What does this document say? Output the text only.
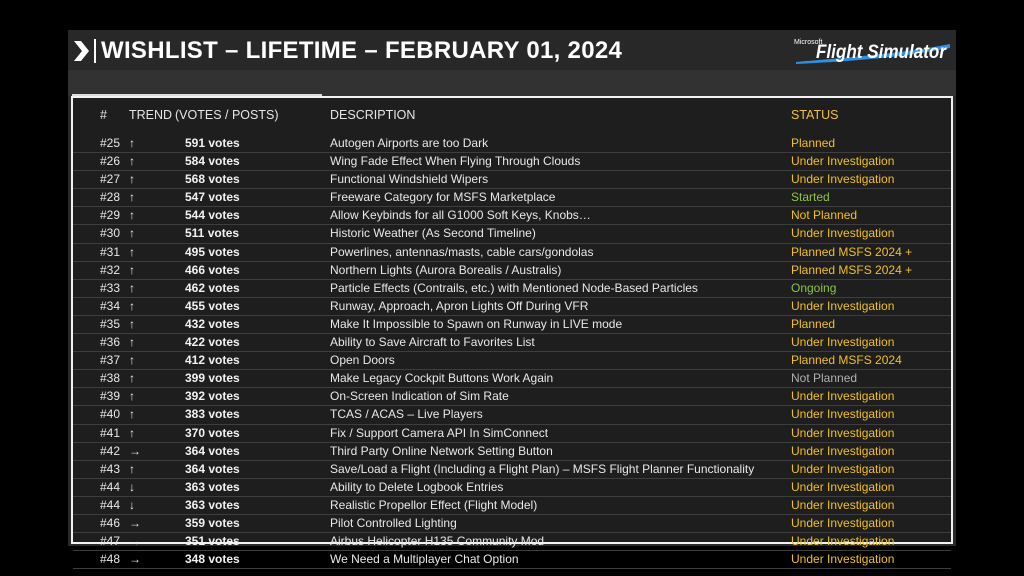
WISHLIST – LIFETIME – FEBRUARY 01, 2024	Microsoft
Flight Simulator
# TREND (VOTES / POSTS)	DESCRIPTION	STATUS
#25 ↑	591 votes	Autogen Airports are too Dark	Planned
#26 ↑	584 votes	Wing Fade Effect When Flying Through Clouds	Under Investigation
#27 ↑	568 votes	Functional Windshield Wipers	Under Investigation
#28 ↑	547 votes	Freeware Category for MSFS Marketplace	Started
#29 ↑	544 votes	Allow Keybinds for all G1000 Soft Keys, Knobs…	Not Planned
#30 ↑	511 votes	Historic Weather (As Second Timeline)	Under Investigation
#31 ↑	495 votes	Powerlines, antennas/masts, cable cars/gondolas	Planned MSFS 2024 +
#32 ↑	466 votes	Northern Lights (Aurora Borealis / Australis)	Planned MSFS 2024 +
#33 ↑	462 votes	Particle Effects (Contrails, etc.) with Mentioned Node-Based Particles	Ongoing
#34 ↑	455 votes	Runway, Approach, Apron Lights Off During VFR	Under Investigation
#35 ↑	432 votes	Make It Impossible to Spawn on Runway in LIVE mode	Planned
#36 ↑	422 votes	Ability to Save Aircraft to Favorites List	Under Investigation
#37 ↑	412 votes	Open Doors	Planned MSFS 2024
#38 ↑	399 votes	Make Legacy Cockpit Buttons Work Again	Not Planned
#39 ↑	392 votes	On-Screen Indication of Sim Rate	Under Investigation
#40 ↑	383 votes	TCAS / ACAS – Live Players	Under Investigation
#41 ↑	370 votes	Fix / Support Camera API In SimConnect	Under Investigation
#42 →	364 votes	Third Party Online Network Setting Button	Under Investigation
#43 ↑	364 votes	Save/Load a Flight (Including a Flight Plan) – MSFS Flight Planner Functionality	Under Investigation
#44 ↓	363 votes	Ability to Delete Logbook Entries	Under Investigation
#44 ↓	363 votes	Realistic Propellor Effect (Flight Model)	Under Investigation
#46 →	359 votes	Pilot Controlled Lighting	Under Investigation
#47 →	351 votes	Airbus Helicopter H135 Community Mod	Under Investigation
#48 →	348 votes	We Need a Multiplayer Chat Option	Under Investigation
